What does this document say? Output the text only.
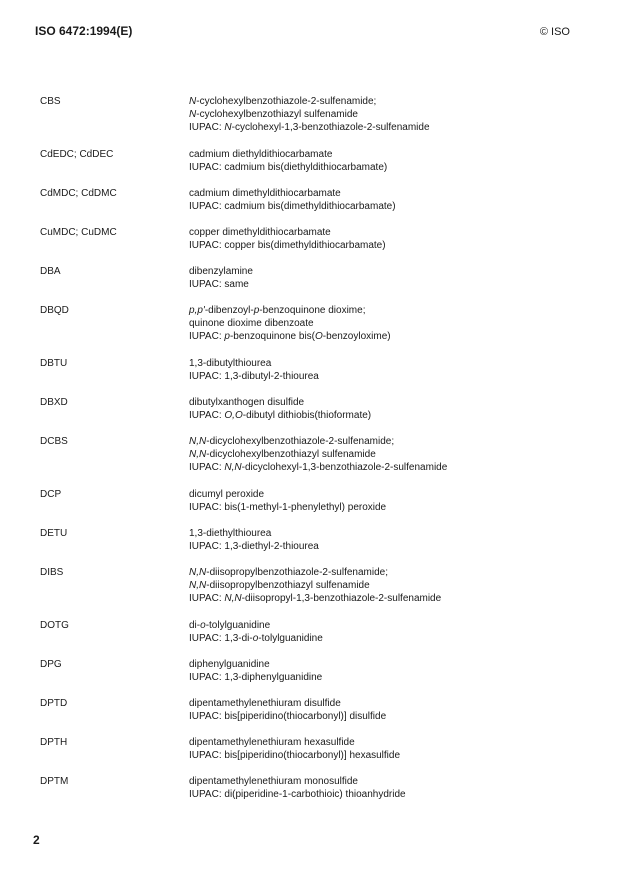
ISO 6472:1994(E)	© ISO
CBS	N-cyclohexylbenzothiazole-2-sulfenamide;
N-cyclohexylbenzothiazyl sulfenamide
IUPAC: N-cyclohexyl-1,3-benzothiazole-2-sulfenamide
CdEDC; CdDEC	cadmium diethyldithiocarbamate
IUPAC: cadmium bis(diethyldithiocarbamate)
CdMDC; CdDMC	cadmium dimethyldithiocarbamate
IUPAC: cadmium bis(dimethyldithiocarbamate)
CuMDC; CuDMC	copper dimethyldithiocarbamate
IUPAC: copper bis(dimethyldithiocarbamate)
DBA	dibenzylamine
IUPAC: same
DBQD	p,p'-dibenzoyl-p-benzoquinone dioxime;
quinone dioxime dibenzoate
IUPAC: p-benzoquinone bis(O-benzoyloxime)
DBTU	1,3-dibutylthiourea
IUPAC: 1,3-dibutyl-2-thiourea
DBXD	dibutylxanthogen disulfide
IUPAC: O,O-dibutyl dithiobis(thioformate)
DCBS	N,N-dicyclohexylbenzothiazole-2-sulfenamide;
N,N-dicyclohexylbenzothiazyl sulfenamide
IUPAC: N,N-dicyclohexyl-1,3-benzothiazole-2-sulfenamide
DCP	dicumyl peroxide
IUPAC: bis(1-methyl-1-phenylethyl) peroxide
DETU	1,3-diethylthiourea
IUPAC: 1,3-diethyl-2-thiourea
DIBS	N,N-diisopropylbenzothiazole-2-sulfenamide;
N,N-diisopropylbenzothiazyl sulfenamide
IUPAC: N,N-diisopropyl-1,3-benzothiazole-2-sulfenamide
DOTG	di-o-tolylguanidine
IUPAC: 1,3-di-o-tolylguanidine
DPG	diphenylguanidine
IUPAC: 1,3-diphenylguanidine
DPTD	dipentamethylenethiuram disulfide
IUPAC: bis[piperidino(thiocarbonyl)] disulfide
DPTH	dipentamethylenethiuram hexasulfide
IUPAC: bis[piperidino(thiocarbonyl)] hexasulfide
DPTM	dipentamethylenethiuram monosulfide
IUPAC: di(piperidine-1-carbothioic) thioanhydride
2
